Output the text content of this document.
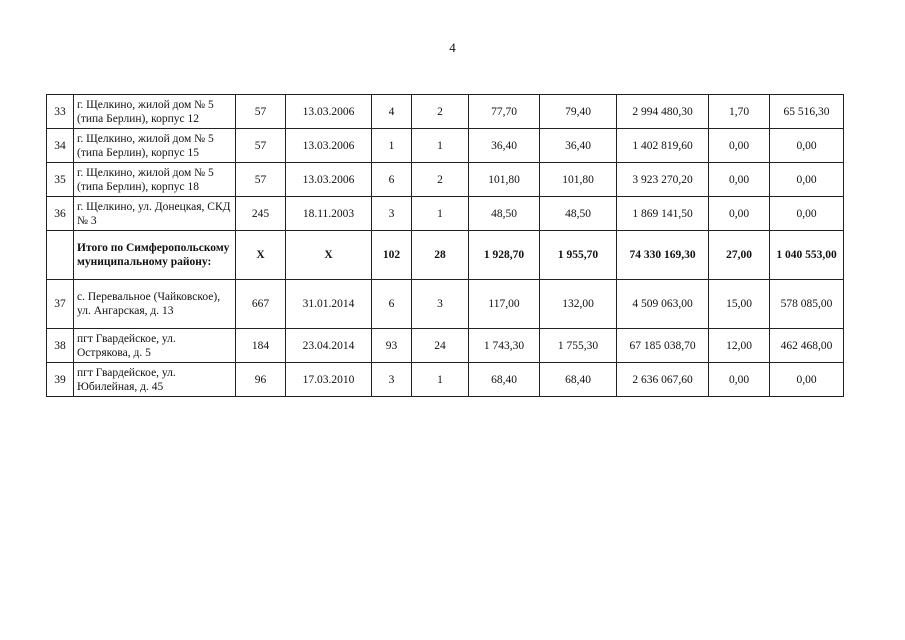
4
33	г. Щелкино, жилой дом № 5 (типа Берлин), корпус 12	57	13.03.2006	4	2	77,70	79,40	2 994 480,30	1,70	65 516,30
34	г. Щелкино, жилой дом № 5 (типа Берлин), корпус 15	57	13.03.2006	1	1	36,40	36,40	1 402 819,60	0,00	0,00
35	г. Щелкино, жилой дом № 5 (типа Берлин), корпус 18	57	13.03.2006	6	2	101,80	101,80	3 923 270,20	0,00	0,00
36	г. Щелкино, ул. Донецкая, СКД № 3	245	18.11.2003	3	1	48,50	48,50	1 869 141,50	0,00	0,00
	Итого по Симферопольскому муниципальному району:	Х	Х	102	28	1 928,70	1 955,70	74 330 169,30	27,00	1 040 553,00
37	с. Перевальное (Чайковское), ул. Ангарская, д. 13	667	31.01.2014	6	3	117,00	132,00	4 509 063,00	15,00	578 085,00
38	пгт Гвардейское, ул. Острякова, д. 5	184	23.04.2014	93	24	1 743,30	1 755,30	67 185 038,70	12,00	462 468,00
39	пгт Гвардейское, ул. Юбилейная, д. 45	96	17.03.2010	3	1	68,40	68,40	2 636 067,60	0,00	0,00
